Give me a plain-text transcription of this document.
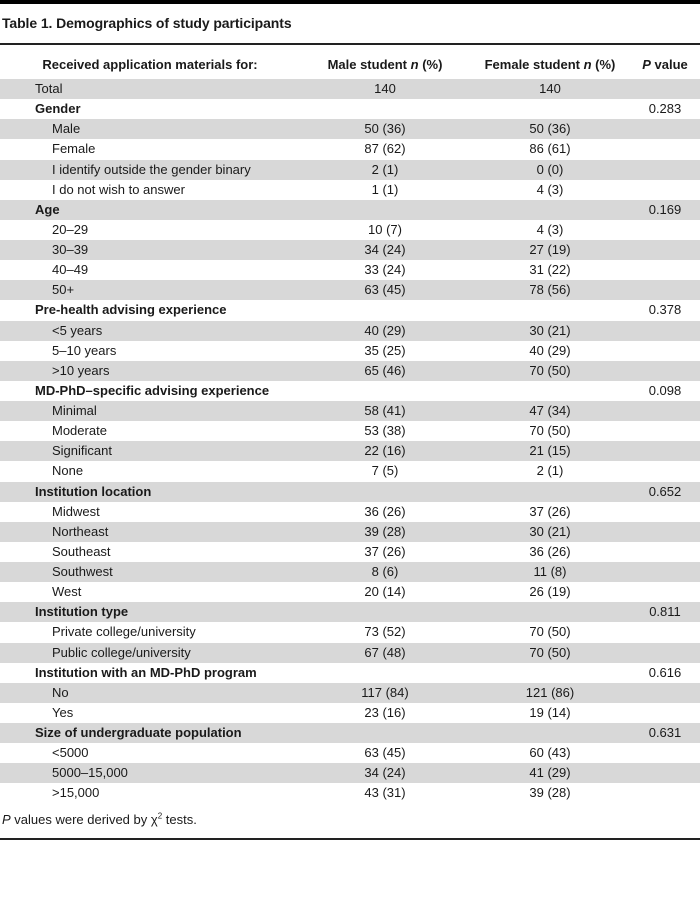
Table 1. Demographics of study participants
Received application materials for:	Male student n (%)	Female student n (%)	P value
Total	140	140	
Gender			0.283
Male	50 (36)	50 (36)	
Female	87 (62)	86 (61)	
I identify outside the gender binary	2 (1)	0 (0)	
I do not wish to answer	1 (1)	4 (3)	
Age			0.169
20–29	10 (7)	4 (3)	
30–39	34 (24)	27 (19)	
40–49	33 (24)	31 (22)	
50+	63 (45)	78 (56)	
Pre-health advising experience			0.378
<5 years	40 (29)	30 (21)	
5–10 years	35 (25)	40 (29)	
>10 years	65 (46)	70 (50)	
MD-PhD–specific advising experience			0.098
Minimal	58 (41)	47 (34)	
Moderate	53 (38)	70 (50)	
Significant	22 (16)	21 (15)	
None	7 (5)	2 (1)	
Institution location			0.652
Midwest	36 (26)	37 (26)	
Northeast	39 (28)	30 (21)	
Southeast	37 (26)	36 (26)	
Southwest	8 (6)	11 (8)	
West	20 (14)	26 (19)	
Institution type			0.811
Private college/university	73 (52)	70 (50)	
Public college/university	67 (48)	70 (50)	
Institution with an MD-PhD program			0.616
No	117 (84)	121 (86)	
Yes	23 (16)	19 (14)	
Size of undergraduate population			0.631
<5000	63 (45)	60 (43)	
5000–15,000	34 (24)	41 (29)	
>15,000	43 (31)	39 (28)	
P values were derived by $\chi^2$ tests.
